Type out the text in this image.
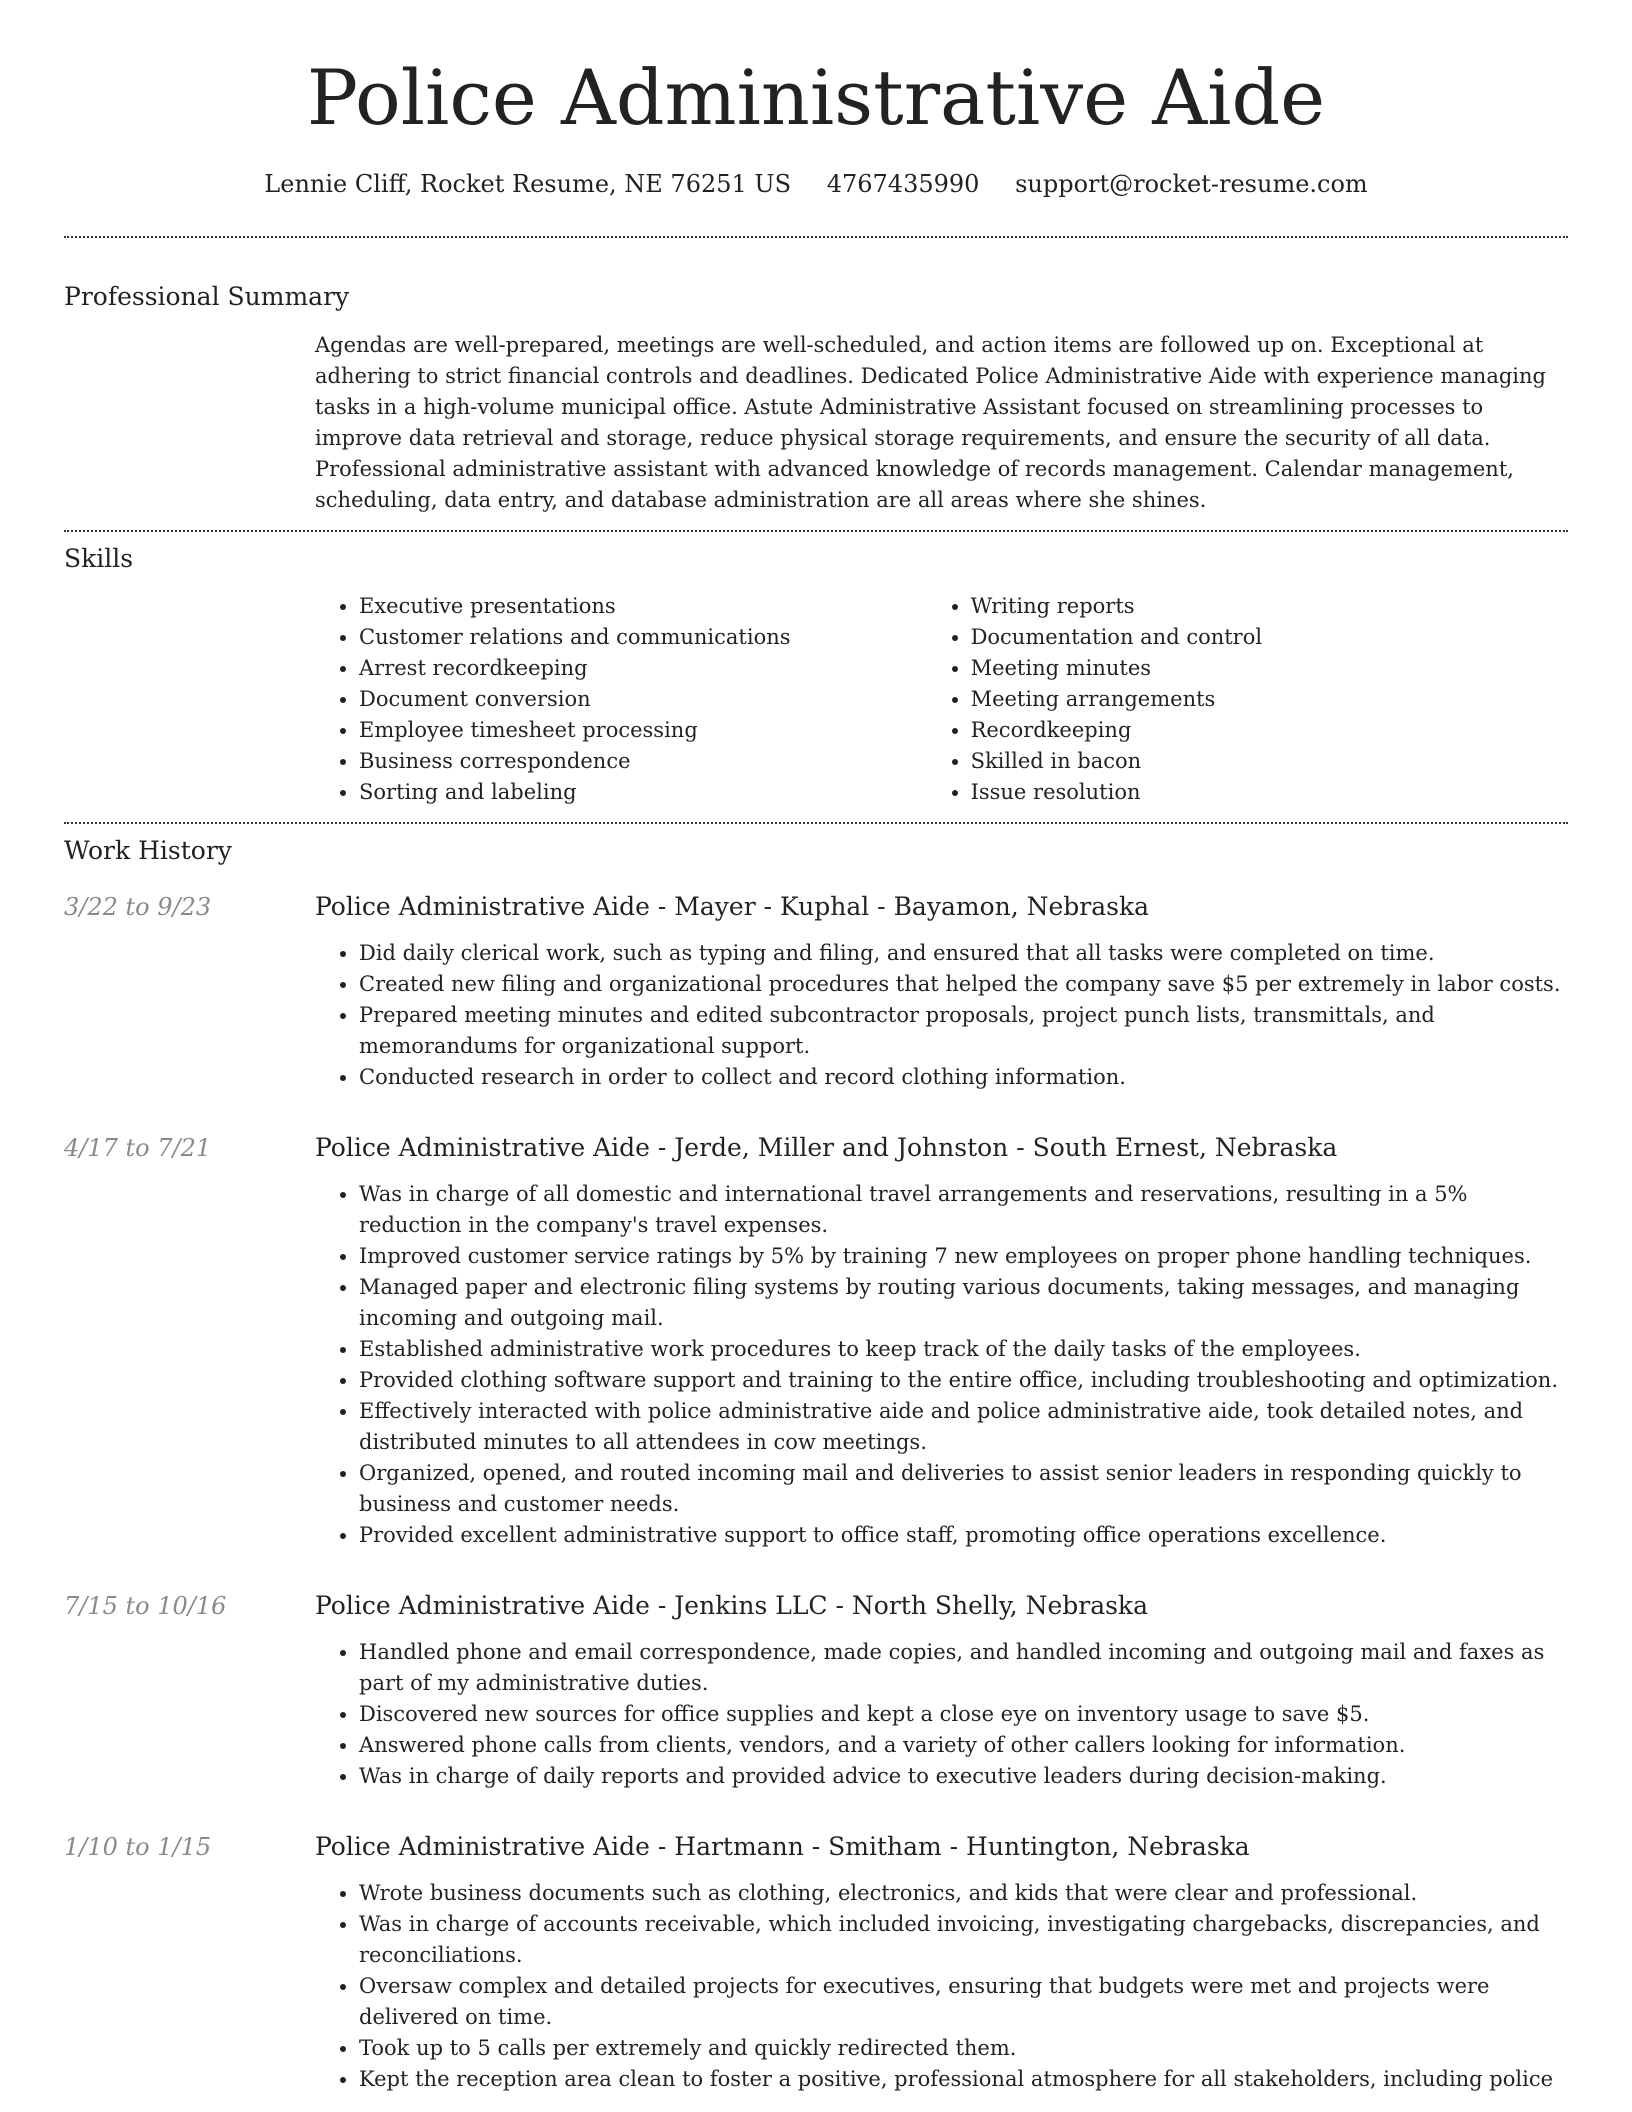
Police Administrative Aide
Lennie Cliff, Rocket Resume, NE 76251 US 4767435990 support@rocket-resume.com
Professional Summary

Agendas are well-prepared, meetings are well-scheduled, and action items are followed up on. Exceptional at adhering to strict financial controls and deadlines. Dedicated Police Administrative Aide with experience managing tasks in a high-volume municipal office. Astute Administrative Assistant focused on streamlining processes to improve data retrieval and storage, reduce physical storage requirements, and ensure the security of all data. Professional administrative assistant with advanced knowledge of records management. Calendar management, scheduling, data entry, and database administration are all areas where she shines.

Skills
• Executive presentations
• Customer relations and communications
• Arrest recordkeeping
• Document conversion
• Employee timesheet processing
• Business correspondence
• Sorting and labeling
• Writing reports
• Documentation and control
• Meeting minutes
• Meeting arrangements
• Recordkeeping
• Skilled in bacon
• Issue resolution
Work History
3/22 to 9/23	Police Administrative Aide - Mayer - Kuphal - Bayamon, Nebraska
• Did daily clerical work, such as typing and filing, and ensured that all tasks were completed on time.
• Created new filing and organizational procedures that helped the company save $5 per extremely in labor costs.
• Prepared meeting minutes and edited subcontractor proposals, project punch lists, transmittals, and memorandums for organizational support.
• Conducted research in order to collect and record clothing information.
4/17 to 7/21	Police Administrative Aide - Jerde, Miller and Johnston - South Ernest, Nebraska
• Was in charge of all domestic and international travel arrangements and reservations, resulting in a 5% reduction in the company's travel expenses.
• Improved customer service ratings by 5% by training 7 new employees on proper phone handling techniques.
• Managed paper and electronic filing systems by routing various documents, taking messages, and managing incoming and outgoing mail.
• Established administrative work procedures to keep track of the daily tasks of the employees.
• Provided clothing software support and training to the entire office, including troubleshooting and optimization.
• Effectively interacted with police administrative aide and police administrative aide, took detailed notes, and distributed minutes to all attendees in cow meetings.
• Organized, opened, and routed incoming mail and deliveries to assist senior leaders in responding quickly to business and customer needs.
• Provided excellent administrative support to office staff, promoting office operations excellence.
7/15 to 10/16	Police Administrative Aide - Jenkins LLC - North Shelly, Nebraska
• Handled phone and email correspondence, made copies, and handled incoming and outgoing mail and faxes as part of my administrative duties.
• Discovered new sources for office supplies and kept a close eye on inventory usage to save $5.
• Answered phone calls from clients, vendors, and a variety of other callers looking for information.
• Was in charge of daily reports and provided advice to executive leaders during decision-making.
1/10 to 1/15	Police Administrative Aide - Hartmann - Smitham - Huntington, Nebraska
• Wrote business documents such as clothing, electronics, and kids that were clear and professional.
• Was in charge of accounts receivable, which included invoicing, investigating chargebacks, discrepancies, and reconciliations.
• Oversaw complex and detailed projects for executives, ensuring that budgets were met and projects were delivered on time.
• Took up to 5 calls per extremely and quickly redirected them.
• Kept the reception area clean to foster a positive, professional atmosphere for all stakeholders, including police
